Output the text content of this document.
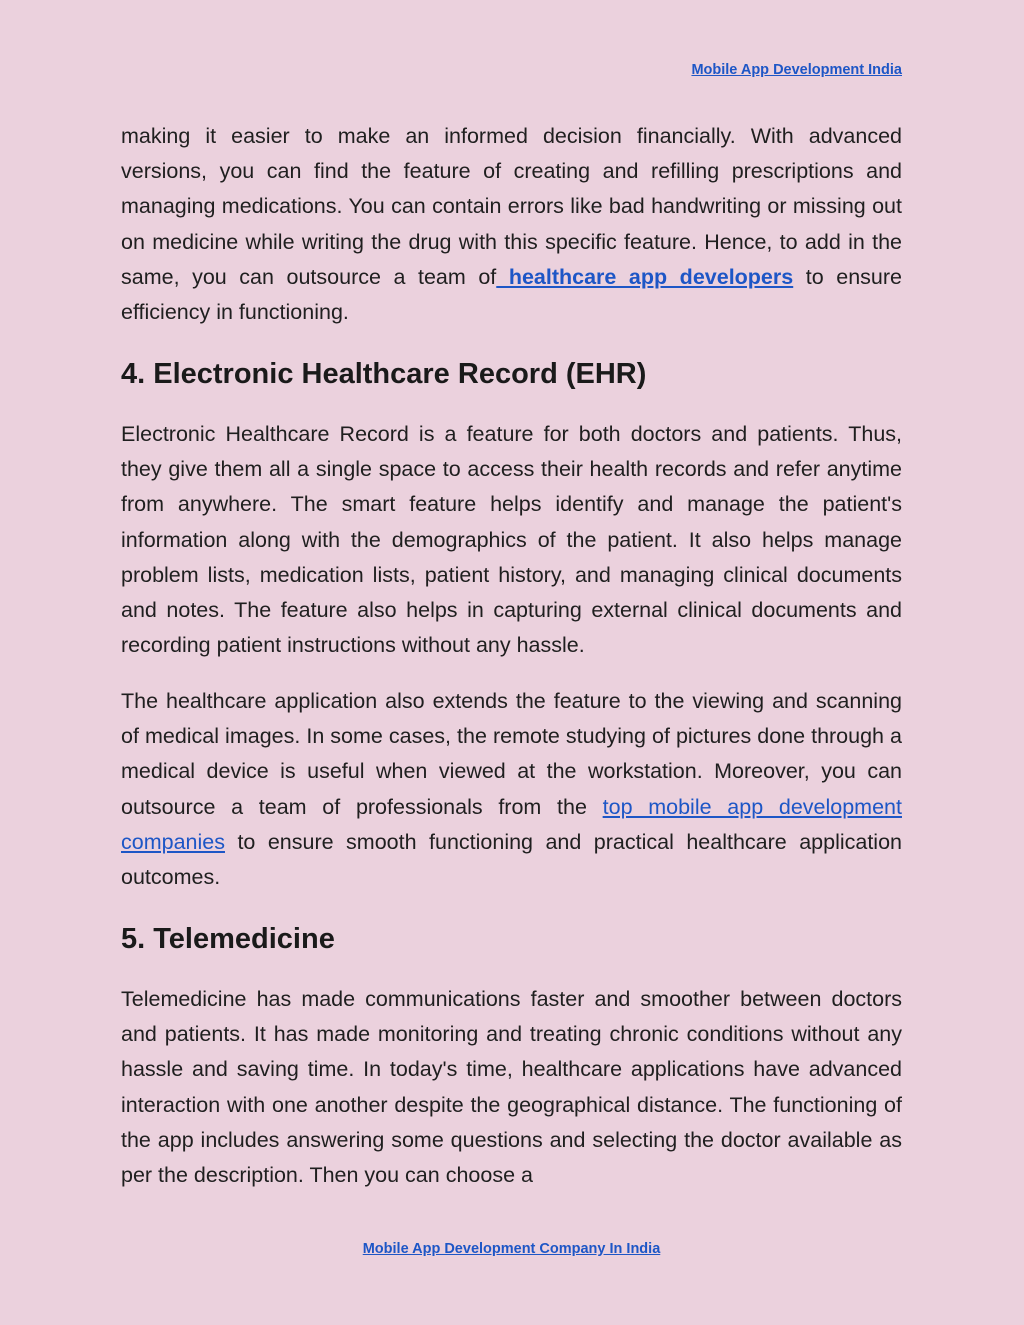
Mobile App Development India

making it easier to make an informed decision financially. With advanced versions, you can find the feature of creating and refilling prescriptions and managing medications. You can contain errors like bad handwriting or missing out on medicine while writing the drug with this specific feature. Hence, to add in the same, you can outsource a team of healthcare app developers to ensure efficiency in functioning.

4. Electronic Healthcare Record (EHR)

Electronic Healthcare Record is a feature for both doctors and patients. Thus, they give them all a single space to access their health records and refer anytime from anywhere. The smart feature helps identify and manage the patient's information along with the demographics of the patient. It also helps manage problem lists, medication lists, patient history, and managing clinical documents and notes. The feature also helps in capturing external clinical documents and recording patient instructions without any hassle.

The healthcare application also extends the feature to the viewing and scanning of medical images. In some cases, the remote studying of pictures done through a medical device is useful when viewed at the workstation. Moreover, you can outsource a team of professionals from the top mobile app development companies to ensure smooth functioning and practical healthcare application outcomes.

5. Telemedicine

Telemedicine has made communications faster and smoother between doctors and patients. It has made monitoring and treating chronic conditions without any hassle and saving time. In today's time, healthcare applications have advanced interaction with one another despite the geographical distance. The functioning of the app includes answering some questions and selecting the doctor available as per the description. Then you can choose a

Mobile App Development Company In India
